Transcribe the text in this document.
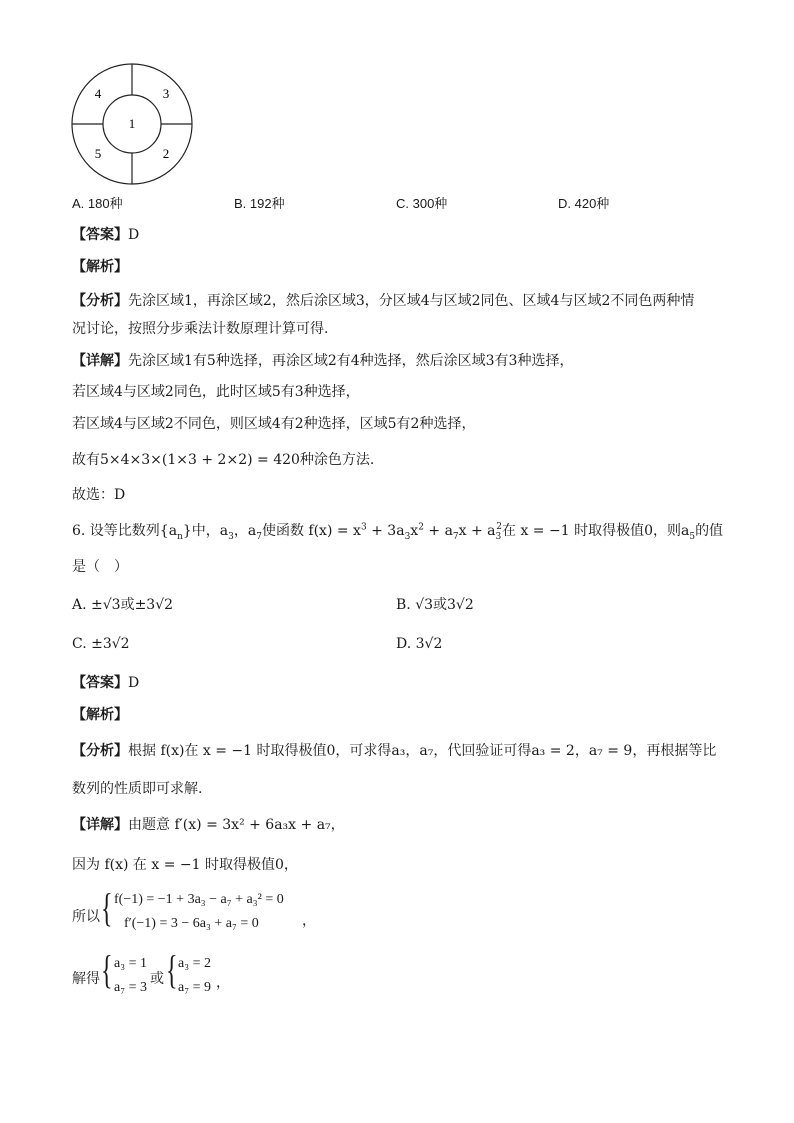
1
4	3
5	2
A. 180种	B. 192种	C. 300种	D. 420种
【答案】D
【解析】
【分析】先涂区域1，再涂区域2，然后涂区域3，分区域4与区域2同色、区域4与区域2不同色两种情
况讨论，按照分步乘法计数原理计算可得.
【详解】先涂区域1有5种选择，再涂区域2有4种选择，然后涂区域3有3种选择，
若区域4与区域2同色，此时区域5有3种选择，
若区域4与区域2不同色，则区域4有2种选择，区域5有2种选择，
故有5×4×3×(1×3 + 2×2) = 420种涂色方法.
故选：D
6. 设等比数列$\{a_n\}$中，$a_3$，$a_7$使函数 $f(x) = x^3 + 3a_3x^2 + a_7x + a_3^2$在 x = −1 时取得极值0，则$a_5$的值
是（　）
A. ±√3或±3√2	B. √3或3√2
C. ±3√2	D. 3√2
【答案】D
【解析】
【分析】根据 f(x)在 x = −1 时取得极值0，可求得a₃，a₇，代回验证可得a₃ = 2，a₇ = 9，再根据等比
数列的性质即可求解.
【详解】由题意 f′(x) = 3x² + 6a₃x + a₇，
因为 f(x) 在 x = −1 时取得极值0，
所以 { f(−1) = −1 + 3a₃ − a₇ + a₃² = 0
f′(−1) = 3 − 6a₃ + a₇ = 0	，
解得 { a₃ = 1
a₇ = 3
或 { a₃ = 2
a₇ = 9 ，
